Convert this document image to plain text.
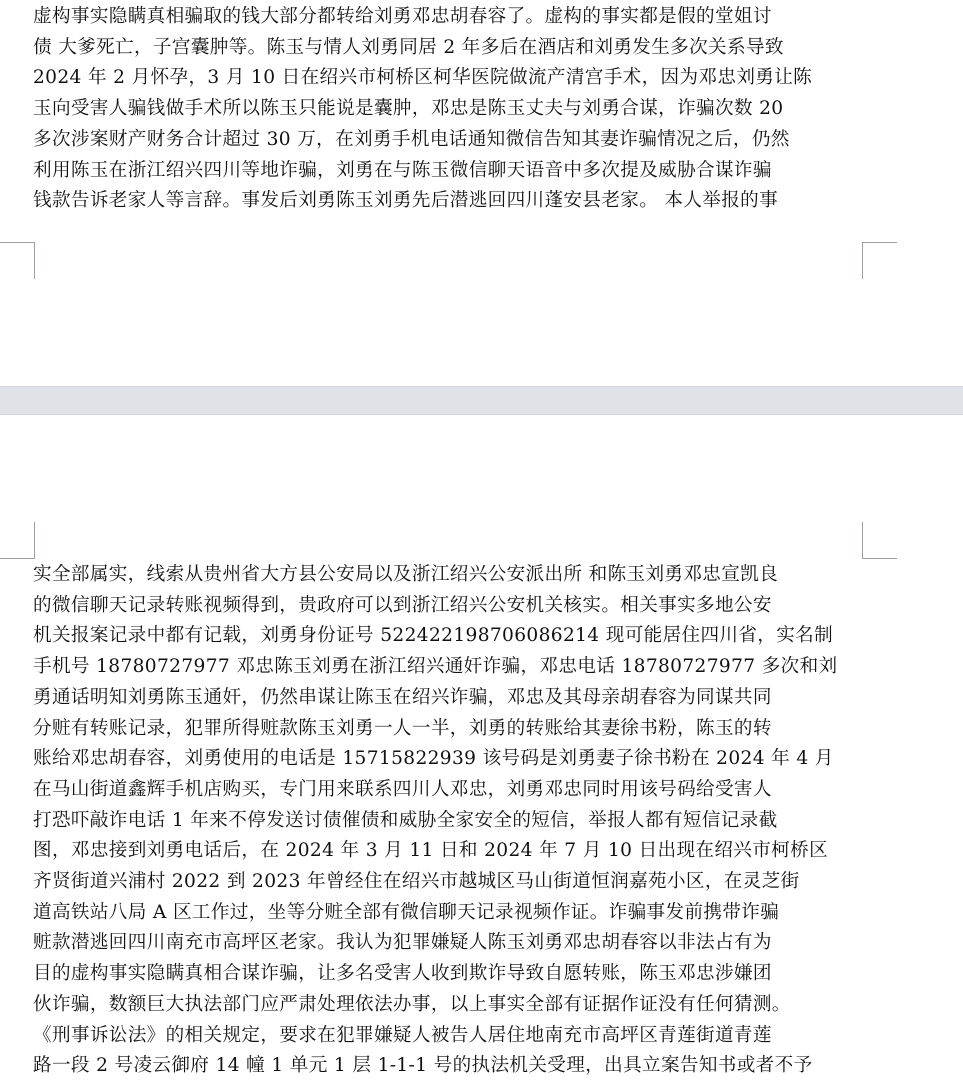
虚构事实隐瞒真相骗取的钱大部分都转给刘勇邓忠胡春容了。虚构的事实都是假的堂姐讨
债 大爹死亡，子宫囊肿等。陈玉与情人刘勇同居 2 年多后在酒店和刘勇发生多次关系导致
2024 年 2 月怀孕，3 月 10 日在绍兴市柯桥区柯华医院做流产清宫手术，因为邓忠刘勇让陈
玉向受害人骗钱做手术所以陈玉只能说是囊肿，邓忠是陈玉丈夫与刘勇合谋，诈骗次数 20
多次涉案财产财务合计超过 30 万，在刘勇手机电话通知微信告知其妻诈骗情况之后，仍然
利用陈玉在浙江绍兴四川等地诈骗，刘勇在与陈玉微信聊天语音中多次提及威胁合谋诈骗
钱款告诉老家人等言辞。事发后刘勇陈玉刘勇先后潜逃回四川蓬安县老家。 本人举报的事
实全部属实，线索从贵州省大方县公安局以及浙江绍兴公安派出所 和陈玉刘勇邓忠宣凯良
的微信聊天记录转账视频得到，贵政府可以到浙江绍兴公安机关核实。相关事实多地公安
机关报案记录中都有记载，刘勇身份证号 522422198706086214 现可能居住四川省，实名制
手机号 18780727977 邓忠陈玉刘勇在浙江绍兴通奸诈骗，邓忠电话 18780727977 多次和刘
勇通话明知刘勇陈玉通奸，仍然串谋让陈玉在绍兴诈骗，邓忠及其母亲胡春容为同谋共同
分赃有转账记录，犯罪所得赃款陈玉刘勇一人一半，刘勇的转账给其妻徐书粉，陈玉的转
账给邓忠胡春容，刘勇使用的电话是 15715822939 该号码是刘勇妻子徐书粉在 2024 年 4 月
在马山街道鑫辉手机店购买，专门用来联系四川人邓忠，刘勇邓忠同时用该号码给受害人
打恐吓敲诈电话 1 年来不停发送讨债催债和威胁全家安全的短信，举报人都有短信记录截
图，邓忠接到刘勇电话后，在 2024 年 3 月 11 日和 2024 年 7 月 10 日出现在绍兴市柯桥区
齐贤街道兴浦村 2022 到 2023 年曾经住在绍兴市越城区马山街道恒润嘉苑小区，在灵芝街
道高铁站八局 A 区工作过，坐等分赃全部有微信聊天记录视频作证。诈骗事发前携带诈骗
赃款潜逃回四川南充市高坪区老家。我认为犯罪嫌疑人陈玉刘勇邓忠胡春容以非法占有为
目的虚构事实隐瞒真相合谋诈骗，让多名受害人收到欺诈导致自愿转账，陈玉邓忠涉嫌团
伙诈骗，数额巨大执法部门应严肃处理依法办事，以上事实全部有证据作证没有任何猜测。
《刑事诉讼法》的相关规定，要求在犯罪嫌疑人被告人居住地南充市高坪区青莲街道青莲
路一段 2 号凌云御府 14 幢 1 单元 1 层 1-1-1 号的执法机关受理，出具立案告知书或者不予
